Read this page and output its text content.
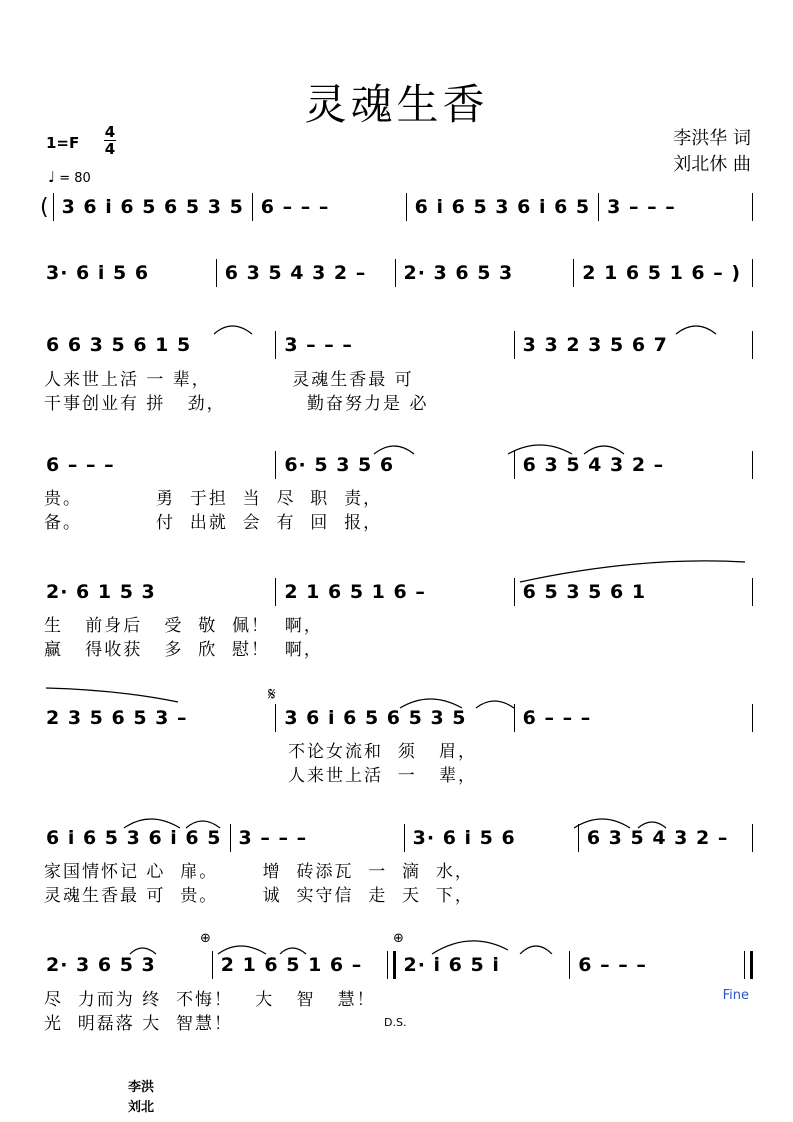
灵魂生香
1=F
4
4
♩ = 80
李洪华 词
刘北休 曲
( 3 6 i 6 5 6 5 3 5 6 – – –	6 i 6 5 3 6 i 6 5 3 – – –
3· 6 i 5 6	6 3 5 4 3 2 –	2· 3 6 5 3	2 1 6 5 1 6 – )
6 6 3 5 6 1 5	3 – – –	3 3 2 3 5 6 7
人来世上活 一 辈，           灵魂生香最 可
干事创业有 拼   劲，           勤奋努力是 必
6 – – –	6· 5 3 5 6	6 3 5 4 3 2 –
贵。          勇  于担  当  尽  职  责，
备。          付  出就  会  有  回  报，
2· 6 1 5 3	2 1 6 5 1 6 –	6 5 3 5 6 1
生   前身后   受  敬  佩！  啊，
赢   得收获   多  欣  慰！  啊，
𝄋
2 3 5 6 5 3 –	3 6 i 6 5 6 5 3 5	6 – – –
不论女流和  须   眉，
人来世上活  一   辈，
6 i 6 5 3 6 i 6 5 3 – – –	3· 6 i 5 6	6 3 5 4 3 2 –
家国情怀记 心  扉。      增  砖添瓦  一  滴  水，
灵魂生香最 可  贵。      诚  实守信  走  天  下，
⊕	⊕
2· 3 6 5 3	2 1 6 5 1 6 –	2· i 6 5 i	6 – – –
尽  力而为 终  不悔！   大   智   慧！
光  明磊落 大  智慧！
Fine
D.S.
李洪
刘北
